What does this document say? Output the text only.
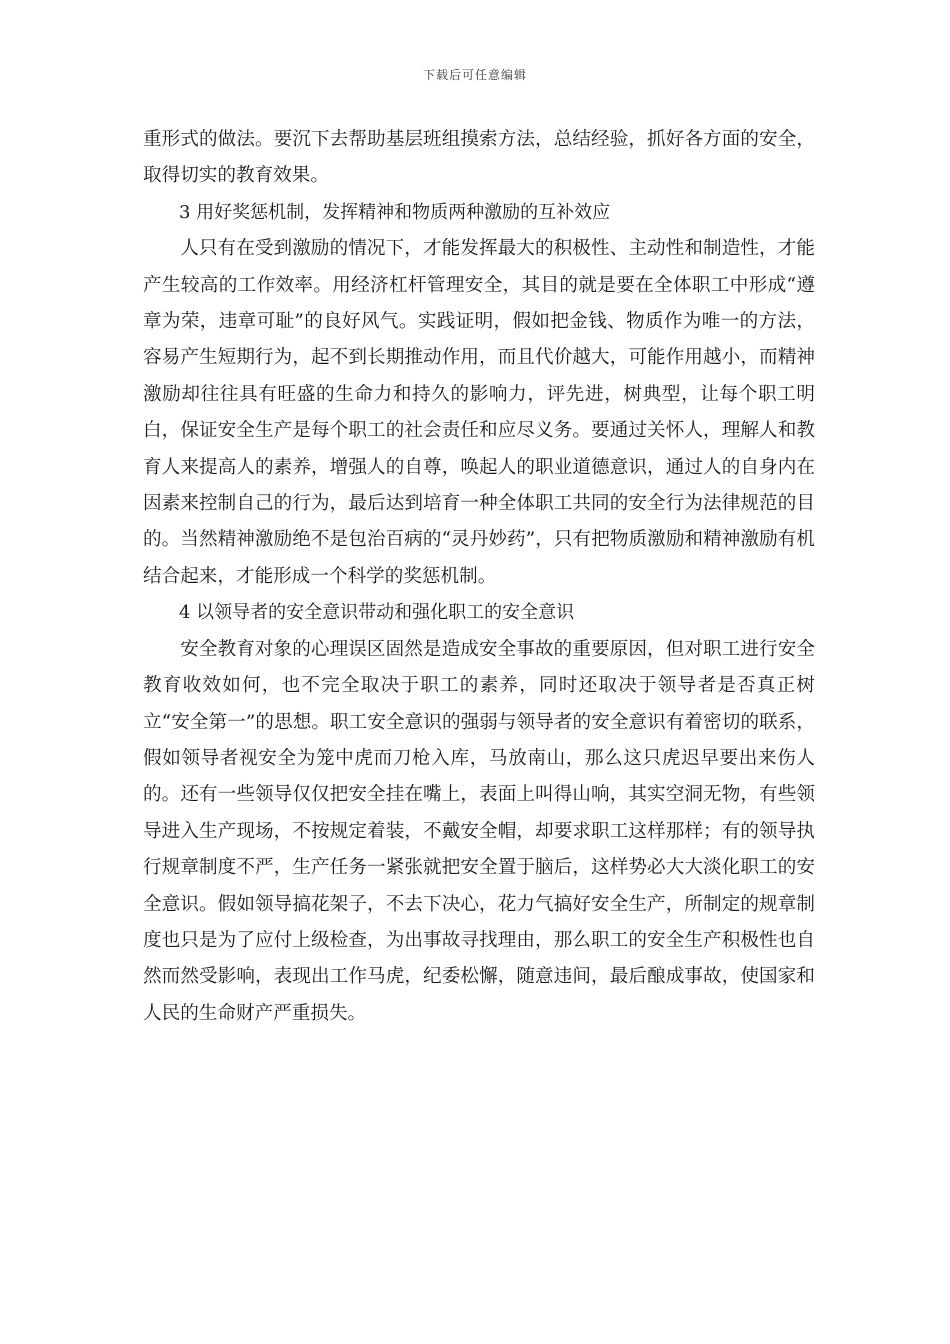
下载后可任意编辑

重形式的做法。要沉下去帮助基层班组摸索方法，总结经验，抓好各方面的安全，取得切实的教育效果。

3 用好奖惩机制，发挥精神和物质两种激励的互补效应

人只有在受到激励的情况下，才能发挥最大的积极性、主动性和制造性，才能产生较高的工作效率。用经济杠杆管理安全，其目的就是要在全体职工中形成“遵章为荣，违章可耻”的良好风气。实践证明，假如把金钱、物质作为唯一的方法，容易产生短期行为，起不到长期推动作用，而且代价越大，可能作用越小，而精神激励却往往具有旺盛的生命力和持久的影响力，评先进，树典型，让每个职工明白，保证安全生产是每个职工的社会责任和应尽义务。要通过关怀人，理解人和教育人来提高人的素养，增强人的自尊，唤起人的职业道德意识，通过人的自身内在因素来控制自己的行为，最后达到培育一种全体职工共同的安全行为法律规范的目的。当然精神激励绝不是包治百病的“灵丹妙药”，只有把物质激励和精神激励有机结合起来，才能形成一个科学的奖惩机制。

4 以领导者的安全意识带动和强化职工的安全意识

安全教育对象的心理误区固然是造成安全事故的重要原因，但对职工进行安全教育收效如何，也不完全取决于职工的素养，同时还取决于领导者是否真正树立“安全第一”的思想。职工安全意识的强弱与领导者的安全意识有着密切的联系，假如领导者视安全为笼中虎而刀枪入库，马放南山，那么这只虎迟早要出来伤人的。还有一些领导仅仅把安全挂在嘴上，表面上叫得山响，其实空洞无物，有些领导进入生产现场，不按规定着装，不戴安全帽，却要求职工这样那样；有的领导执行规章制度不严，生产任务一紧张就把安全置于脑后，这样势必大大淡化职工的安全意识。假如领导搞花架子，不去下决心，花力气搞好安全生产，所制定的规章制度也只是为了应付上级检查，为出事故寻找理由，那么职工的安全生产积极性也自然而然受影响，表现出工作马虎，纪委松懈，随意违间，最后酿成事故，使国家和人民的生命财产严重损失。
